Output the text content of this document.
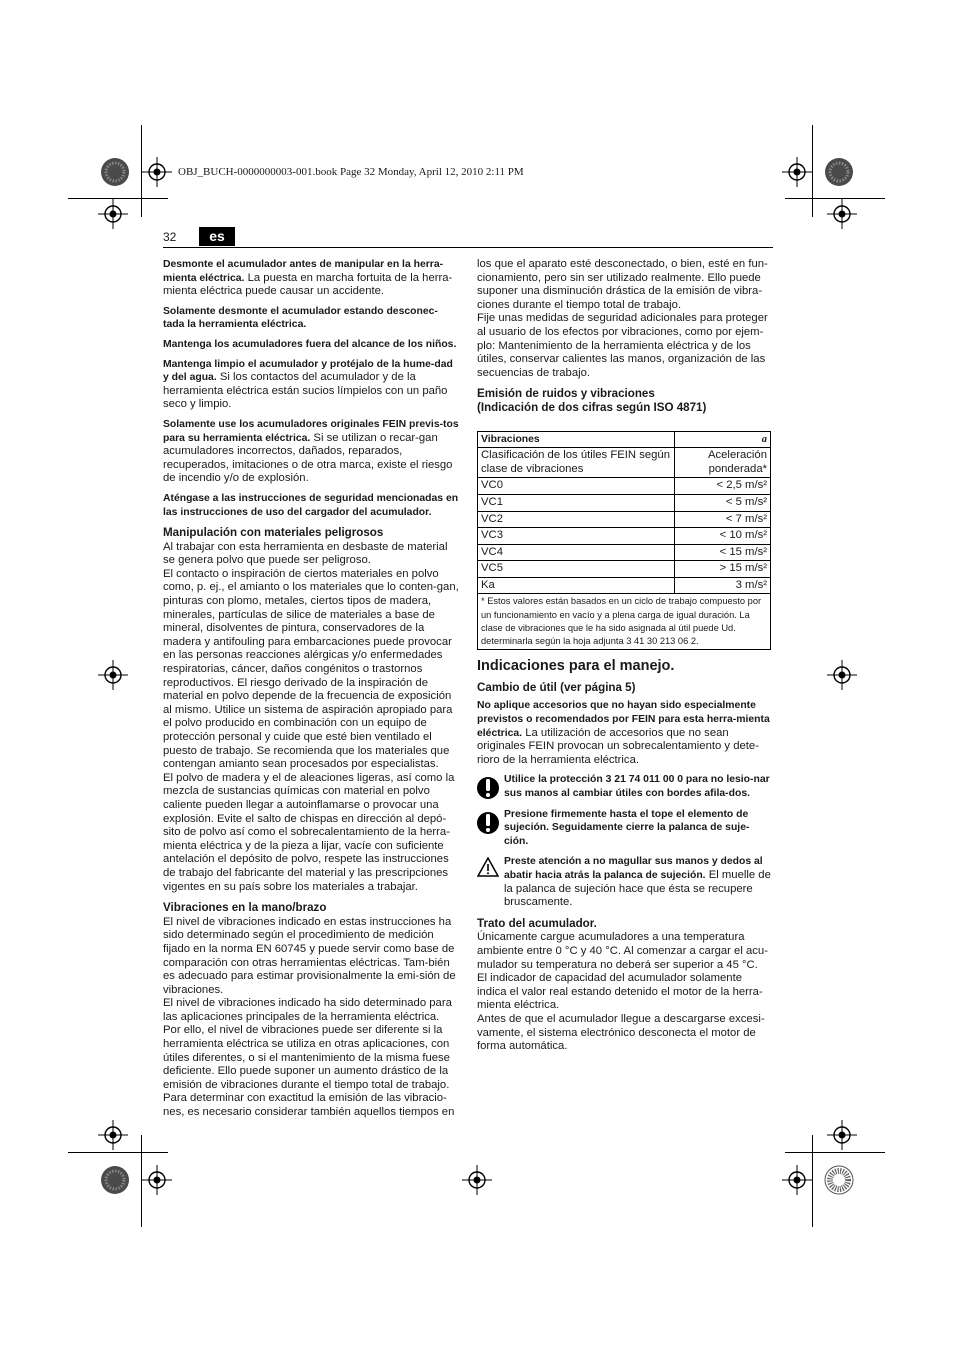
OBJ_BUCH-0000000003-001.book Page 32 Monday, April 12, 2010 2:11 PM
32	es

Desmonte el acumulador antes de manipular en la herra-mienta eléctrica. La puesta en marcha fortuita de la herra-mienta eléctrica puede causar un accidente.

Solamente desmonte el acumulador estando desconec-tada la herramienta eléctrica.

Mantenga los acumuladores fuera del alcance de los niños.

Mantenga limpio el acumulador y protéjalo de la hume-dad y del agua. Si los contactos del acumulador y de la herramienta eléctrica están sucios límpielos con un paño seco y limpio.

Solamente use los acumuladores originales FEIN previs-tos para su herramienta eléctrica. Si se utilizan o recar-gan acumuladores incorrectos, dañados, reparados, recuperados, imitaciones o de otra marca, existe el riesgo de incendio y/o de explosión.

Aténgase a las instrucciones de seguridad mencionadas en las instrucciones de uso del cargador del acumulador.

Manipulación con materiales peligrosos

Al trabajar con esta herramienta en desbaste de material se genera polvo que puede ser peligroso.

El contacto o inspiración de ciertos materiales en polvo como, p. ej., el amianto o los materiales que lo conten-gan, pinturas con plomo, metales, ciertos tipos de madera, minerales, partículas de silice de materiales a base de mineral, disolventes de pintura, conservadores de la madera y antifouling para embarcaciones puede provocar en las personas reacciones alérgicas y/o enfermedades respiratorias, cáncer, daños congénitos o trastornos reproductivos. El riesgo derivado de la inspiración de material en polvo depende de la frecuencia de exposición al mismo. Utilice un sistema de aspiración apropiado para el polvo producido en combinación con un equipo de protección personal y cuide que esté bien ventilado el puesto de trabajo. Se recomienda que los materiales que contengan amianto sean procesados por especialistas.

El polvo de madera y el de aleaciones ligeras, así como la mezcla de sustancias químicas con material en polvo caliente pueden llegar a autoinflamarse o provocar una explosión. Evite el salto de chispas en dirección al depó-sito de polvo así como el sobrecalentamiento de la herra-mienta eléctrica y de la pieza a lijar, vacíe con suficiente antelación el depósito de polvo, respete las instrucciones de trabajo del fabricante del material y las prescripciones vigentes en su país sobre los materiales a trabajar.

Vibraciones en la mano/brazo

El nivel de vibraciones indicado en estas instrucciones ha sido determinado según el procedimiento de medición fijado en la norma EN 60745 y puede servir como base de comparación con otras herramientas eléctricas. Tam-bién es adecuado para estimar provisionalmente la emi-sión de vibraciones.

El nivel de vibraciones indicado ha sido determinado para las aplicaciones principales de la herramienta eléctrica. Por ello, el nivel de vibraciones puede ser diferente si la herramienta eléctrica se utiliza en otras aplicaciones, con útiles diferentes, o si el mantenimiento de la misma fuese deficiente. Ello puede suponer un aumento drástico de la emisión de vibraciones durante el tiempo total de trabajo. Para determinar con exactitud la emisión de las vibracio-nes, es necesario considerar también aquellos tiempos en

los que el aparato esté desconectado, o bien, esté en fun-cionamiento, pero sin ser utilizado realmente. Ello puede suponer una disminución drástica de la emisión de vibra-ciones durante el tiempo total de trabajo.

Fije unas medidas de seguridad adicionales para proteger al usuario de los efectos por vibraciones, como por ejem-plo: Mantenimiento de la herramienta eléctrica y de los útiles, conservar calientes las manos, organización de las secuencias de trabajo.

Emisión de ruidos y vibraciones
(Indicación de dos cifras según ISO 4871)
Vibraciones	a
Clasificación de los útiles FEIN según clase de vibraciones	Aceleración ponderada*
VC0	< 2,5 m/s²
VC1	< 5 m/s²
VC2	< 7 m/s²
VC3	< 10 m/s²
VC4	< 15 m/s²
VC5	> 15 m/s²
Ka	3 m/s²
* Estos valores están basados en un ciclo de trabajo compuesto por un funcionamiento en vacío y a plena carga de igual duración. La clase de vibraciones que le ha sido asignada al útil puede Ud. determinarla según la hoja adjunta 3 41 30 213 06 2.	
Indicaciones para el manejo.
Cambio de útil (ver página 5)

No aplique accesorios que no hayan sido especialmente previstos o recomendados por FEIN para esta herra-mienta eléctrica. La utilización de accesorios que no sean originales FEIN provocan un sobrecalentamiento y dete-rioro de la herramienta eléctrica.

Utilice la protección 3 21 74 011 00 0 para no lesio-nar sus manos al cambiar útiles con bordes afila-dos.
Presione firmemente hasta el tope el elemento de sujeción. Seguidamente cierre la palanca de suje-ción.
Preste atención a no magullar sus manos y dedos al abatir hacia atrás la palanca de sujeción. El muelle de la palanca de sujeción hace que ésta se recupere bruscamente.
Trato del acumulador.

Únicamente cargue acumuladores a una temperatura ambiente entre 0 °C y 40 °C. Al comenzar a cargar el acu-mulador su temperatura no deberá ser superior a 45 °C.

El indicador de capacidad del acumulador solamente indica el valor real estando detenido el motor de la herra-mienta eléctrica.

Antes de que el acumulador llegue a descargarse excesi-vamente, el sistema electrónico desconecta el motor de forma automática.
